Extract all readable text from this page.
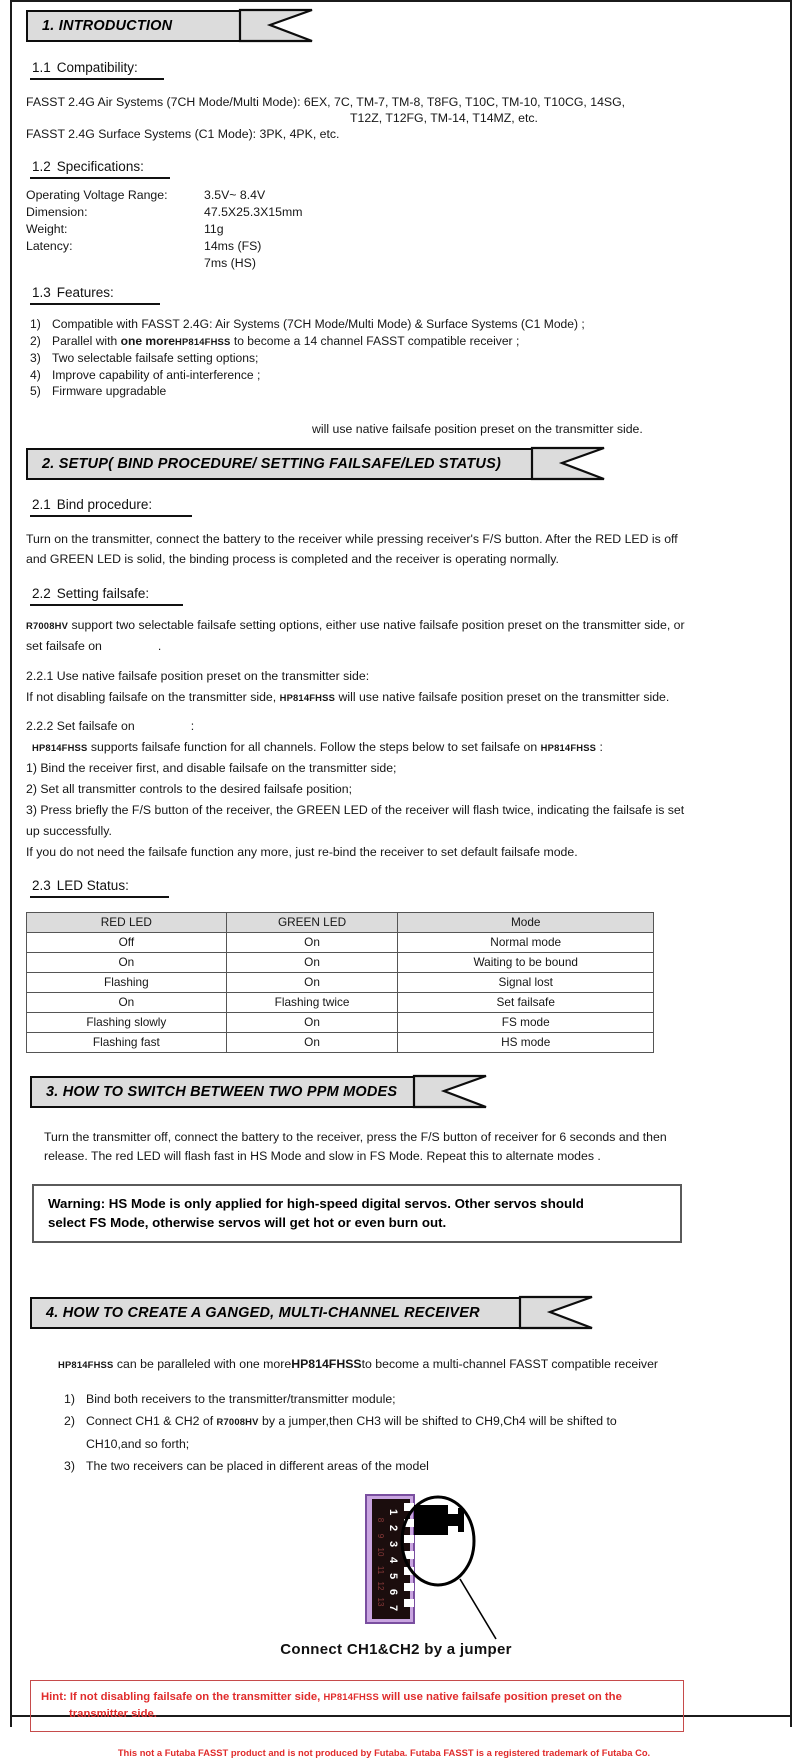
1. INTRODUCTION
1.1 Compatibility:
FASST 2.4G Air Systems (7CH Mode/Multi Mode): 6EX, 7C, TM-7, TM-8, T8FG, T10C, TM-10, T10CG, 14SG,
T12Z, T12FG, TM-14, T14MZ, etc.
FASST 2.4G Surface Systems (C1 Mode): 3PK, 4PK, etc.
1.2 Specifications:
Operating Voltage Range:	3.5V~ 8.4V
Dimension:	47.5X25.3X15mm
Weight:	11g
Latency:	14ms (FS)
7ms (HS)
1.3 Features:
1) Compatible with FASST 2.4G: Air Systems (7CH Mode/Multi Mode) & Surface Systems (C1 Mode) ;
2) Parallel with one moreHP814FHSS to become a 14 channel FASST compatible receiver ;
3) Two selectable failsafe setting options;
4) Improve capability of anti-interference ;
5) Firmware upgradable
will use native failsafe position preset on the transmitter side.
2. SETUP( BIND PROCEDURE/ SETTING FAILSAFE/LED STATUS)
2.1 Bind procedure:
Turn on the transmitter, connect the battery to the receiver while pressing receiver's F/S button. After the RED LED is off
and GREEN LED is solid, the binding process is completed and the receiver is operating normally.
2.2 Setting failsafe:
R7008HV support two selectable failsafe setting options, either use native failsafe position preset on the transmitter side, or
set failsafe on	.
2.2.1 Use native failsafe position preset on the transmitter side:
If not disabling failsafe on the transmitter side, HP814FHSS will use native failsafe position preset on the transmitter side.
2.2.2 Set failsafe on	:
HP814FHSS supports failsafe function for all channels. Follow the steps below to set failsafe on HP814FHSS :
1) Bind the receiver first, and disable failsafe on the transmitter side;
2) Set all transmitter controls to the desired failsafe position;
3) Press briefly the F/S button of the receiver, the GREEN LED of the receiver will flash twice, indicating the failsafe is set
up successfully.
If you do not need the failsafe function any more, just re-bind the receiver to set default failsafe mode.
2.3 LED Status:
RED LED	GREEN LED	Mode
Off	On	Normal mode
On	On	Waiting to be bound
Flashing	On	Signal lost
On	Flashing twice	Set failsafe
Flashing slowly	On	FS mode
Flashing fast	On	HS mode
3. HOW TO SWITCH BETWEEN TWO PPM MODES
Turn the transmitter off, connect the battery to the receiver, press the F/S button of receiver for 6 seconds and then
release. The red LED will flash fast in HS Mode and slow in FS Mode. Repeat this to alternate modes .
Warning: HS Mode is only applied for high-speed digital servos. Other servos should
select FS Mode, otherwise servos will get hot or even burn out.
4. HOW TO CREATE A GANGED, MULTI-CHANNEL RECEIVER
HP814FHSS can be paralleled with one moreHP814FHSSto become a multi-channel FASST compatible receiver
1) Bind both receivers to the transmitter/transmitter module;
2) Connect CH1 & CH2 of R7008HV by a jumper,then CH3 will be shifted to CH9,Ch4 will be shifted to
CH10,and so forth;
3) The two receivers can be placed in different areas of the model
1
2
3
4
5
6
7
8
9
10
11
12
13
Connect CH1&CH2 by a jumper
Hint: If not disabling failsafe on the transmitter side, HP814FHSS will use native failsafe position preset on the
transmitter side.
This not a Futaba FASST product and is not produced by Futaba. Futaba FASST is a registered trademark of Futaba Co.
